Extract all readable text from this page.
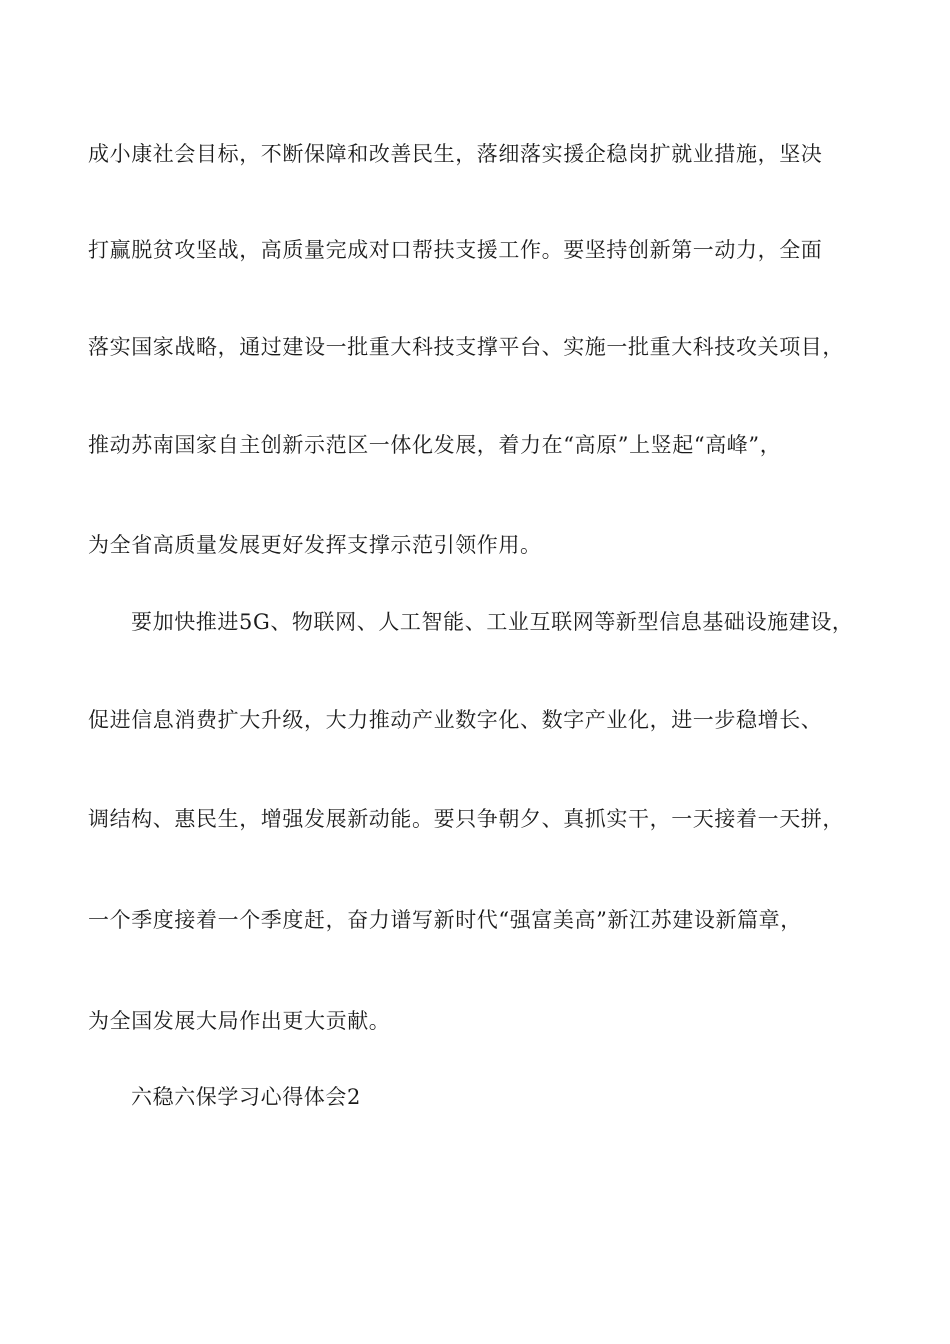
成小康社会目标，不断保障和改善民生，落细落实援企稳岗扩就业措施，坚决
打赢脱贫攻坚战，高质量完成对口帮扶支援工作。要坚持创新第一动力，全面
落实国家战略，通过建设一批重大科技支撑平台、实施一批重大科技攻关项目，
推动苏南国家自主创新示范区一体化发展，着力在“高原”上竖起“高峰”，
为全省高质量发展更好发挥支撑示范引领作用。
要加快推进5G、物联网、人工智能、工业互联网等新型信息基础设施建设，
促进信息消费扩大升级，大力推动产业数字化、数字产业化，进一步稳增长、
调结构、惠民生，增强发展新动能。要只争朝夕、真抓实干，一天接着一天拼，
一个季度接着一个季度赶，奋力谱写新时代“强富美高”新江苏建设新篇章，
为全国发展大局作出更大贡献。
六稳六保学习心得体会2
